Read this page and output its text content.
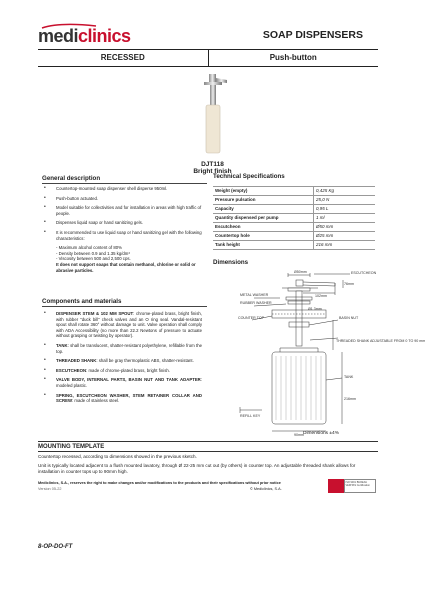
mediclinics	SOAP DISPENSERS
RECESSED	Push-button
DJT118
Bright finish
General description
• Countertop-mounted soap dispenser shell disperse 950ml.
• Push-button actuated.
• Model suitable for collectivities and for installation in areas with high traffic of people.
• Dispenses liquid soap or hand sanitizing gels.
• It is recommended to use liquid soap or hand sanitizing gel with the following characteristics:
- Maximum alcohol content of 80%
- Density between 0.9 and 1.35 kg/dm³
- Viscosity between 500 and 2,500 cps.
It does not support soaps that contain methanol, chlorine or solid or abrasive particles.
Components and materials
• DISPENSER STEM & 102 MM SPOUT: chrome-plated brass, bright finish, with rubber "duck bill" check valves and an O ring seal. Vandal-resistant spout shall rotate 360° without damage to unit. Valve operation shall comply with ADA Accessibility (no more than 22.2 Newtons of pressure to actuate without grasping or twisting by operator).
• TANK: shall be translucent, shatter-resistant polyethylene, refillable from the top.
• THREADED SHANK: shall be gray thermoplastic ABS, shatter-resistant.
• ESCUTCHEON: made of chrome-plated brass, bright finish.
• VALVE BODY, INTERNAL PARTS, BASIN NUT AND TANK ADAPTER: modeled plastic.
• SPRING, ESCUTCHEON WASHER, STEM RETAINER COLLAR AND SCREW: made of stainless steel.
Technical Specifications
Weight (empty)	0,425 Kg
Pressure pulsation	25,0 N
Capacity	0,95 L
Quantity dispensed per pump	1 ml
Escutcheon	Ø50 mm
Countertop hole	Ø25 mm
Tank height	216 mm
Dimensions
Ø50mm	ESCUTCHEON
76mm
102mm
METAL WASHER
RUBBER WASHER
BASIN NUT
COUNTER TOP
Ø1 3mm
THREADED SHANK ADJUSTABLE FROM 0 TO 90 mm
TANK
REFILL KEY
216mm
90mm Dimensions ±4%
MOUNTING TEMPLATE

Countertop recessed, according to dimensions showed in the previous sketch.

Unit is typically located adjacent to a flush mounted lavatory, through Ø 22-25 mm cut out (by others) in counter top. An adjustable threaded shank allows for installation in counter tops up to 90mm high.

Mediclinics, S.A., reserves the right to make changes and/or modifications to the products and their specifications without prior notice
Version 05-22	© Mediclinics, S.A.
ISO 9001 BUREAU VERITAS Certification
8-OP-DO-FT
